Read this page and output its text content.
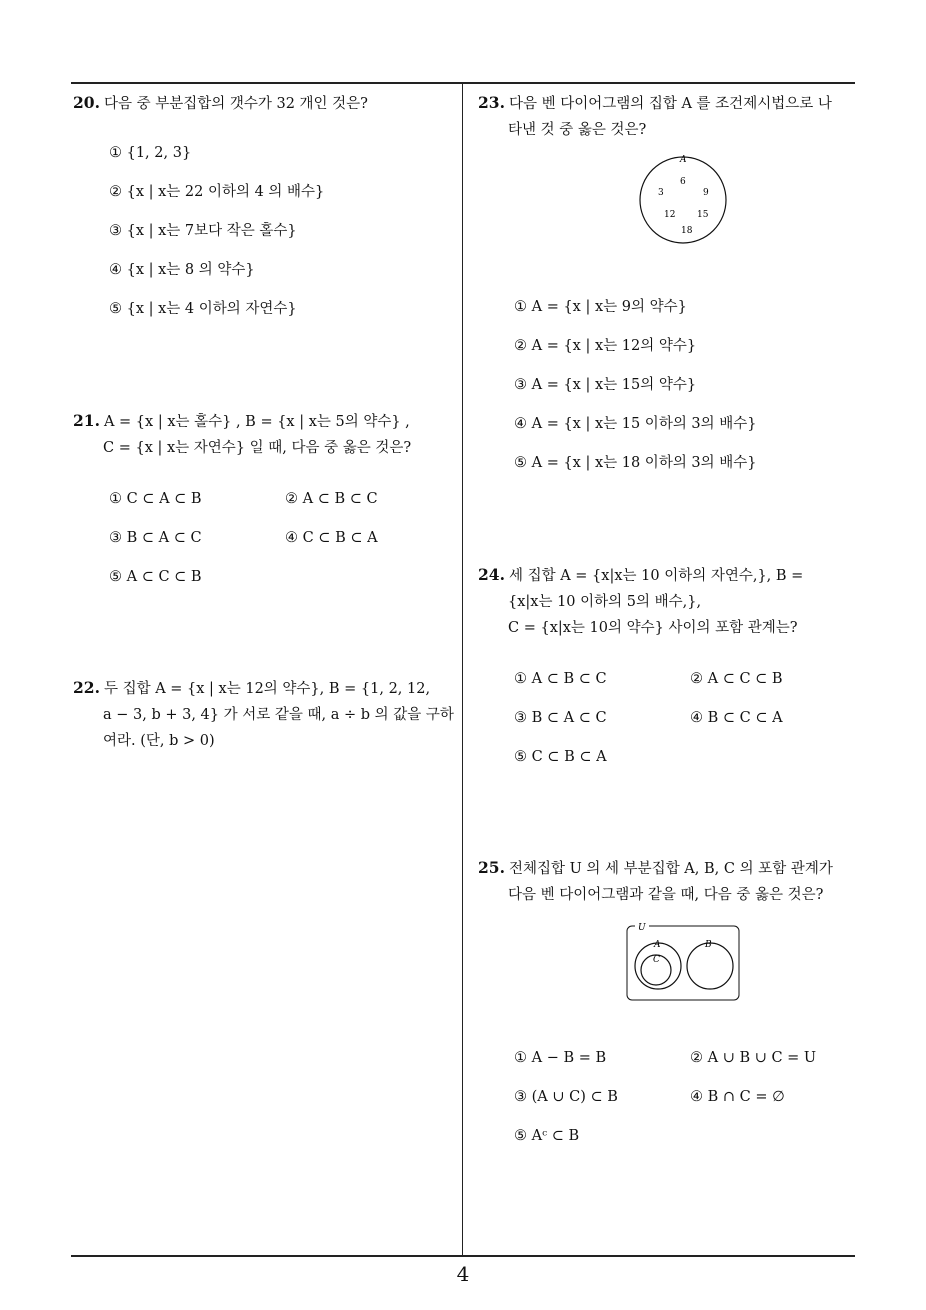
20. 다음 중 부분집합의 갯수가 32 개인 것은?
① {1, 2, 3}
② {x | x는 22 이하의 4 의 배수}
③ {x | x는 7보다 작은 홀수}
④ {x | x는 8 의 약수}
⑤ {x | x는 4 이하의 자연수}
21. A = {x | x는 홀수} , B = {x | x는 5의 약수} ,
C = {x | x는 자연수} 일 때, 다음 중 옳은 것은?
① C ⊂ A ⊂ B	② A ⊂ B ⊂ C
③ B ⊂ A ⊂ C	④ C ⊂ B ⊂ A
⑤ A ⊂ C ⊂ B
22. 두 집합 A = {x | x는 12의 약수}, B = {1, 2, 12,
a − 3, b + 3, 4} 가 서로 같을 때, a ÷ b 의 값을 구하
여라. (단, b > 0)
23. 다음 벤 다이어그램의 집합 A 를 조건제시법으로 나
타낸 것 중 옳은 것은?
A
6
3	9
12 15
18
① A = {x | x는 9의 약수}
② A = {x | x는 12의 약수}
③ A = {x | x는 15의 약수}
④ A = {x | x는 15 이하의 3의 배수}
⑤ A = {x | x는 18 이하의 3의 배수}
24. 세 집합 A = {x|x는 10 이하의 자연수,}, B =
{x|x는 10 이하의 5의 배수,},
C = {x|x는 10의 약수} 사이의 포함 관계는?
① A ⊂ B ⊂ C	② A ⊂ C ⊂ B
③ B ⊂ A ⊂ C	④ B ⊂ C ⊂ A
⑤ C ⊂ B ⊂ A
25. 전체집합 U 의 세 부분집합 A, B, C 의 포함 관계가
다음 벤 다이어그램과 같을 때, 다음 중 옳은 것은?
U
A
C
B
① A − B = B	② A ∪ B ∪ C = U
③ (A ∪ C) ⊂ B	④ B ∩ C = ∅
⑤ Aᶜ ⊂ B
4
